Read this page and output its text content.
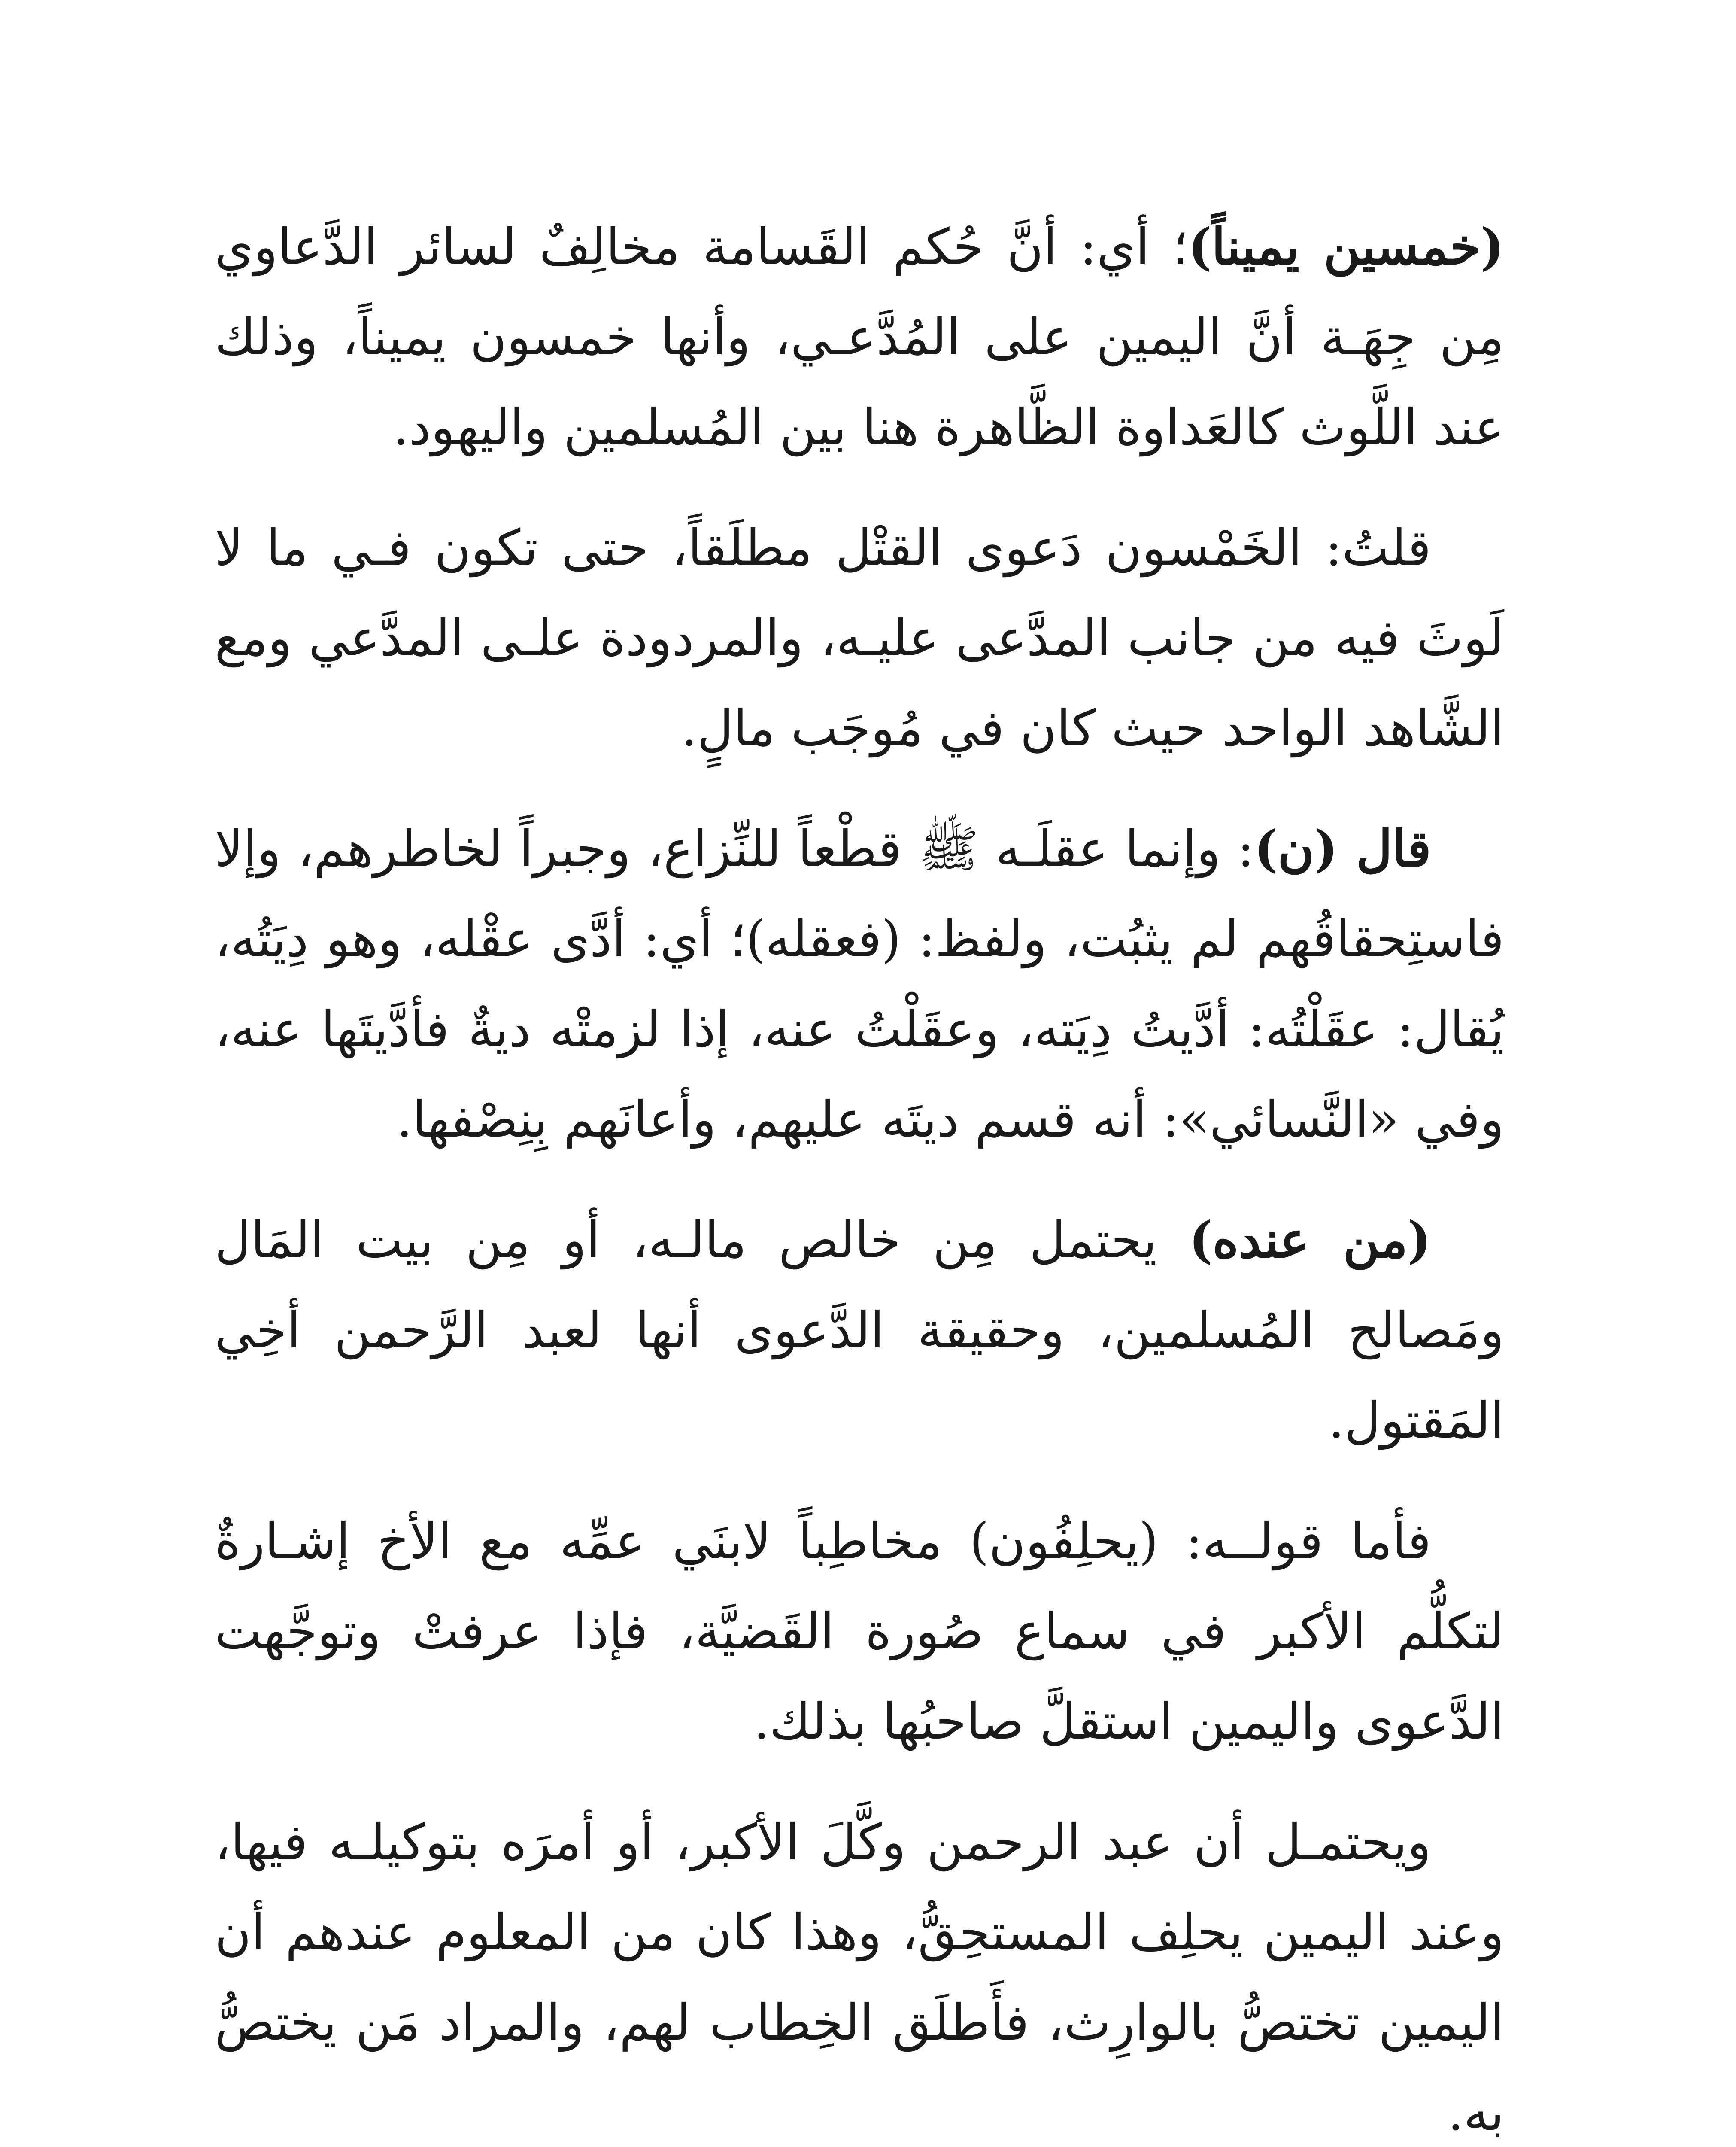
(خمسين يميناً)؛ أي: أنَّ حُكم القَسامة مخالِفٌ لسائر الدَّعاوي مِن جِهَـة أنَّ اليمين على المُدَّعـي، وأنها خمسون يميناً، وذلك عند اللَّوث كالعَداوة الظَّاهرة هنا بين المُسلمين واليهود.

قلتُ: الخَمْسون دَعوى القتْل مطلَقاً، حتى تكون فـي ما لا لَوثَ فيه من جانب المدَّعى عليـه، والمردودة علـى المدَّعي ومع الشَّاهد الواحد حيث كان في مُوجَب مالٍ.

قال (ن): وإنما عقلَـه ﷺ قطْعاً للنِّزاع، وجبراً لخاطرهم، وإلا فاستِحقاقُهم لم يثبُت، ولفظ: (فعقله)؛ أي: أدَّى عقْله، وهو دِيَتُه، يُقال: عقَلْتُه: أدَّيتُ دِيَته، وعقَلْتُ عنه، إذا لزمتْه ديةٌ فأدَّيتَها عنه، وفي «النَّسائي»: أنه قسم ديتَه عليهم، وأعانَهم بِنِصْفها.

(من عنده) يحتمل مِن خالص مالـه، أو مِن بيت المَال ومَصالح المُسلمين، وحقيقة الدَّعوى أنها لعبد الرَّحمن أخِي المَقتول.

فأما قولــه: (يحلِفُون) مخاطِباً لابنَي عمِّه مع الأخ إشـارةٌ لتكلُّم الأكبر في سماع صُورة القَضيَّة، فإذا عرفتْ وتوجَّهت الدَّعوى واليمين استقلَّ صاحبُها بذلك.

ويحتمـل أن عبد الرحمن وكَّلَ الأكبر، أو أمرَه بتوكيلـه فيها، وعند اليمين يحلِف المستحِقُّ، وهذا كان من المعلوم عندهم أن اليمين تختصُّ بالوارِث، فأَطلَق الخِطاب لهم، والمراد مَن يختصُّ به.
